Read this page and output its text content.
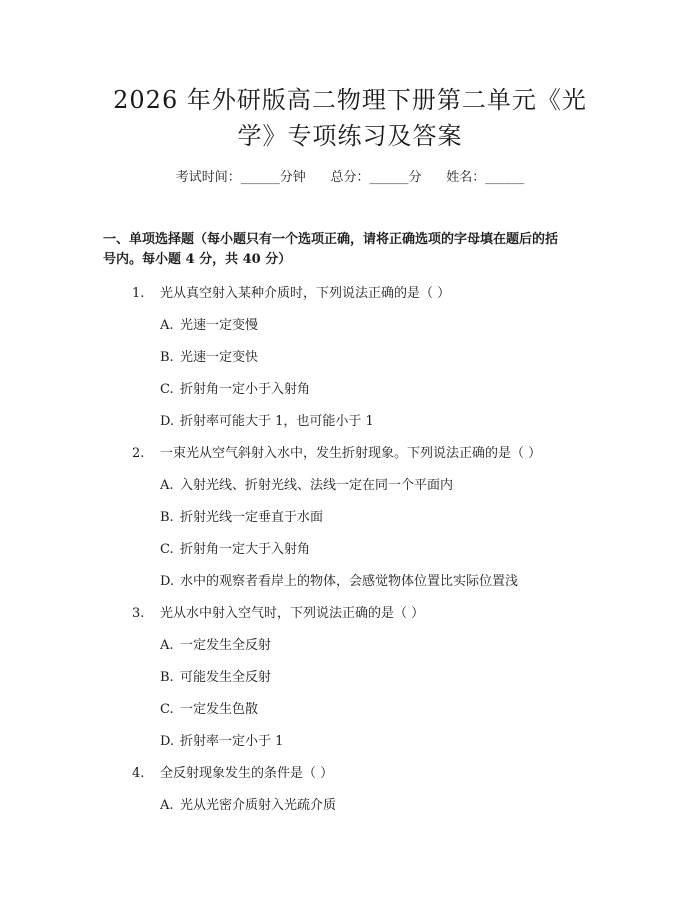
2026 年外研版高二物理下册第二单元《光
学》专项练习及答案
考试时间：______分钟      总分：______分      姓名：______
一、单项选择题（每小题只有一个选项正确，请将正确选项的字母填在题后的括
号内。每小题 4 分，共 40 分）
1. 光从真空射入某种介质时，下列说法正确的是（ ）
A. 光速一定变慢
B. 光速一定变快
C. 折射角一定小于入射角
D. 折射率可能大于 1，也可能小于 1
2. 一束光从空气斜射入水中，发生折射现象。下列说法正确的是（ ）
A. 入射光线、折射光线、法线一定在同一个平面内
B. 折射光线一定垂直于水面
C. 折射角一定大于入射角
D. 水中的观察者看岸上的物体，会感觉物体位置比实际位置浅
3. 光从水中射入空气时，下列说法正确的是（ ）
A. 一定发生全反射
B. 可能发生全反射
C. 一定发生色散
D. 折射率一定小于 1
4. 全反射现象发生的条件是（ ）
A. 光从光密介质射入光疏介质
